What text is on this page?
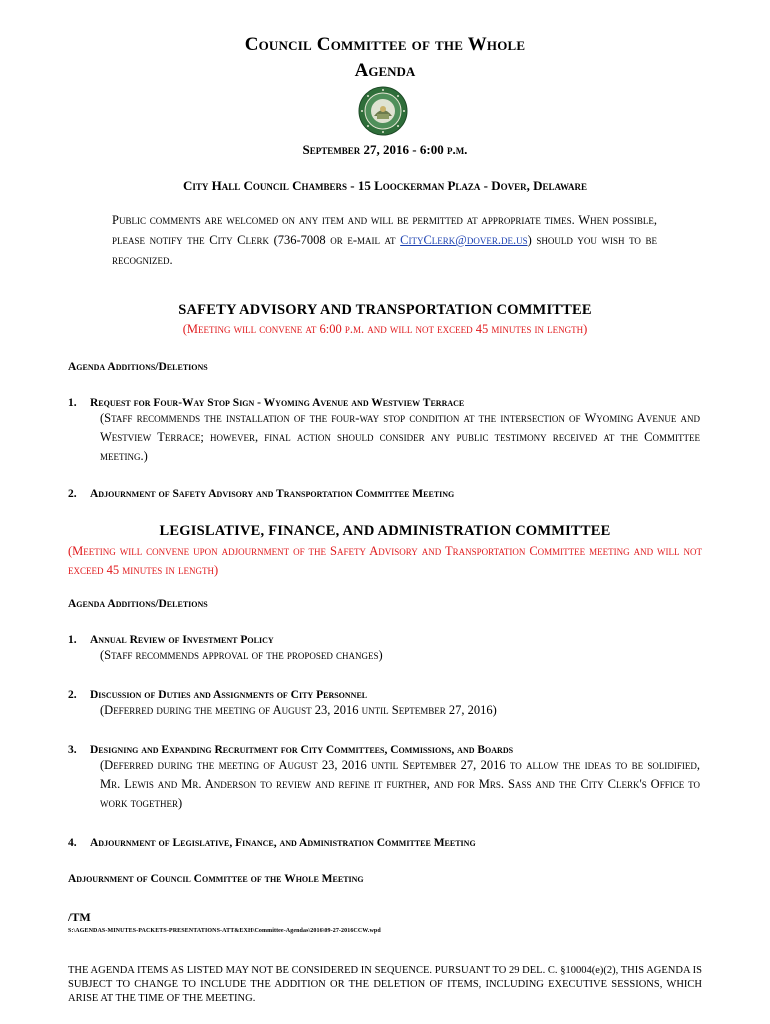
Council Committee of the Whole
Agenda
September 27, 2016 - 6:00 p.m.
City Hall Council Chambers - 15 Loockerman Plaza - Dover, Delaware
Public comments are welcomed on any item and will be permitted at appropriate times. When possible, please notify the City Clerk (736-7008 or e-mail at CityClerk@dover.de.us) should you wish to be recognized.
SAFETY ADVISORY AND TRANSPORTATION COMMITTEE
(Meeting will convene at 6:00 p.m. and will not exceed 45 minutes in length)
Agenda Additions/Deletions
1. Request for Four-Way Stop Sign - Wyoming Avenue and Westview Terrace
(Staff recommends the installation of the four-way stop condition at the intersection of Wyoming Avenue and Westview Terrace; however, final action should consider any public testimony received at the Committee meeting.)
2. Adjournment of Safety Advisory and Transportation Committee Meeting
LEGISLATIVE, FINANCE, AND ADMINISTRATION COMMITTEE
(Meeting will convene upon adjournment of the Safety Advisory and Transportation Committee meeting and will not exceed 45 minutes in length)
Agenda Additions/Deletions
1. Annual Review of Investment Policy
(Staff recommends approval of the proposed changes)
2. Discussion of Duties and Assignments of City Personnel
(Deferred during the meeting of August 23, 2016 until September 27, 2016)
3. Designing and Expanding Recruitment for City Committees, Commissions, and Boards
(Deferred during the meeting of August 23, 2016 until September 27, 2016 to allow the ideas to be solidified, Mr. Lewis and Mr. Anderson to review and refine it further, and for Mrs. Sass and the City Clerk's Office to work together)
4. Adjournment of Legislative, Finance, and Administration Committee Meeting
Adjournment of Council Committee of the Whole Meeting
/TM
S:\AGENDAS-MINUTES-PACKETS-PRESENTATIONS-ATT&EXH\Committee-Agendas\2016\09-27-2016CCW.wpd
THE AGENDA ITEMS AS LISTED MAY NOT BE CONSIDERED IN SEQUENCE. PURSUANT TO 29 DEL. C. §10004(e)(2), THIS AGENDA IS SUBJECT TO CHANGE TO INCLUDE THE ADDITION OR THE DELETION OF ITEMS, INCLUDING EXECUTIVE SESSIONS, WHICH ARISE AT THE TIME OF THE MEETING.
